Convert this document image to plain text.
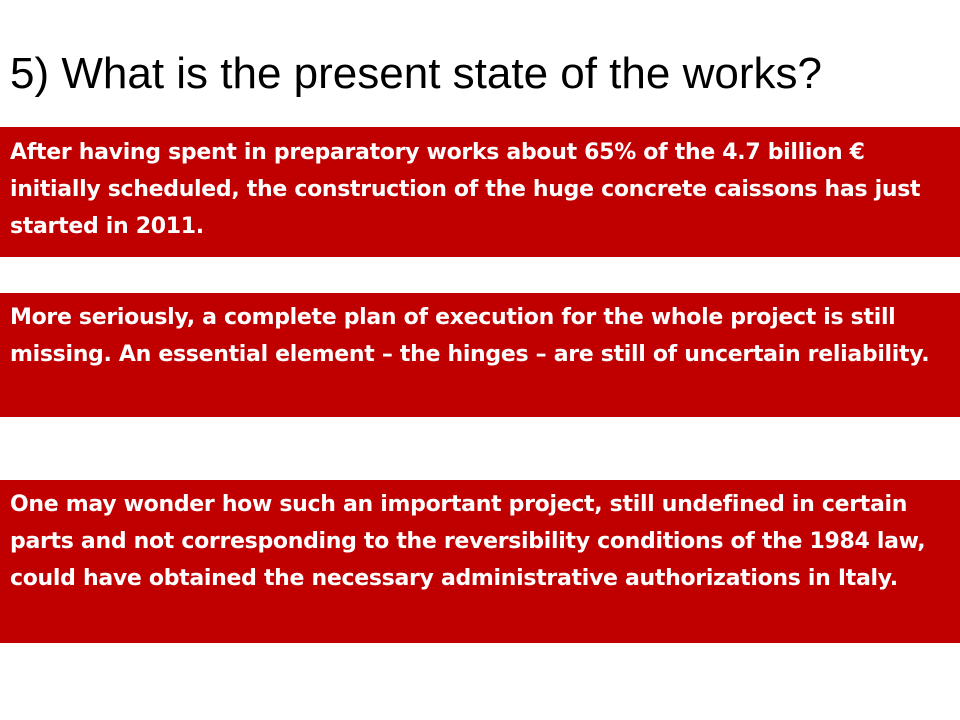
5) What is the present state of the works?

After having spent in preparatory works about 65% of the 4.7 billion € initially scheduled, the construction of the huge concrete caissons has just started in 2011.

More seriously, a complete plan of execution for the whole project is still missing. An essential element – the hinges – are still of uncertain reliability.

One may wonder how such an important project, still undefined in certain parts and not corresponding to the reversibility conditions of the 1984 law, could have obtained the necessary administrative authorizations in Italy.
